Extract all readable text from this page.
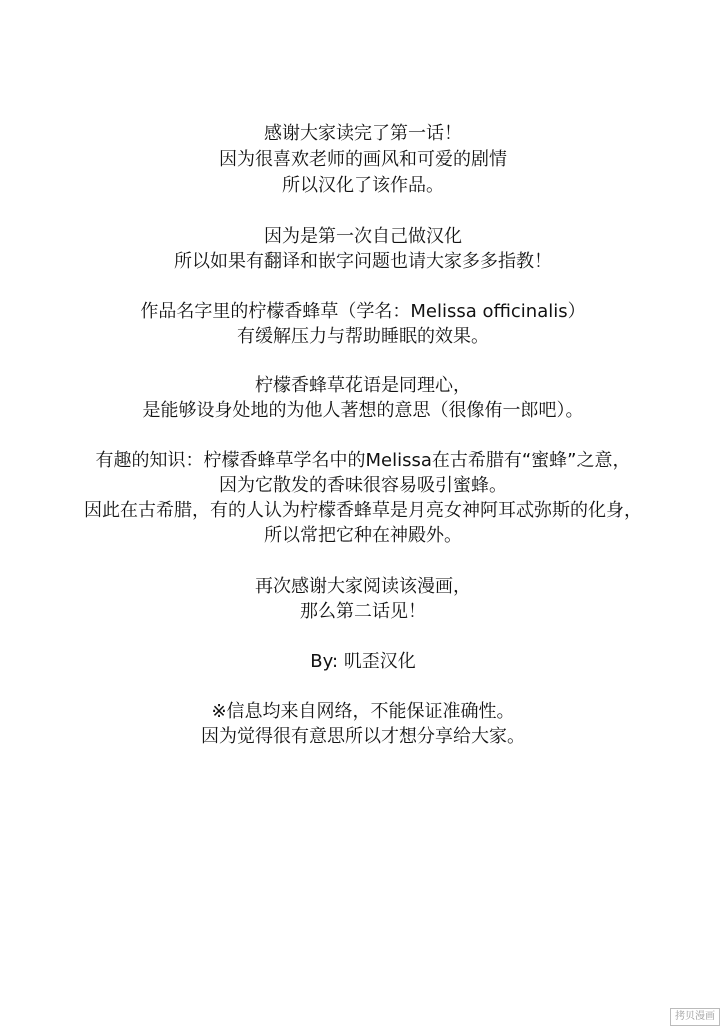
感谢大家读完了第一话！
因为很喜欢老师的画风和可爱的剧情
所以汉化了该作品。
因为是第一次自己做汉化
所以如果有翻译和嵌字问题也请大家多多指教！
作品名字里的柠檬香蜂草（学名：Melissa officinalis）
有缓解压力与帮助睡眠的效果。
柠檬香蜂草花语是同理心，
是能够设身处地的为他人著想的意思（很像侑一郎吧）。
有趣的知识：柠檬香蜂草学名中的Melissa在古希腊有“蜜蜂”之意，
因为它散发的香味很容易吸引蜜蜂。
因此在古希腊，有的人认为柠檬香蜂草是月亮女神阿耳忒弥斯的化身，
所以常把它种在神殿外。
再次感谢大家阅读该漫画，
那么第二话见！
By: 叽歪汉化
※信息均来自网络，不能保证准确性。
因为觉得很有意思所以才想分享给大家。
拷贝漫画
